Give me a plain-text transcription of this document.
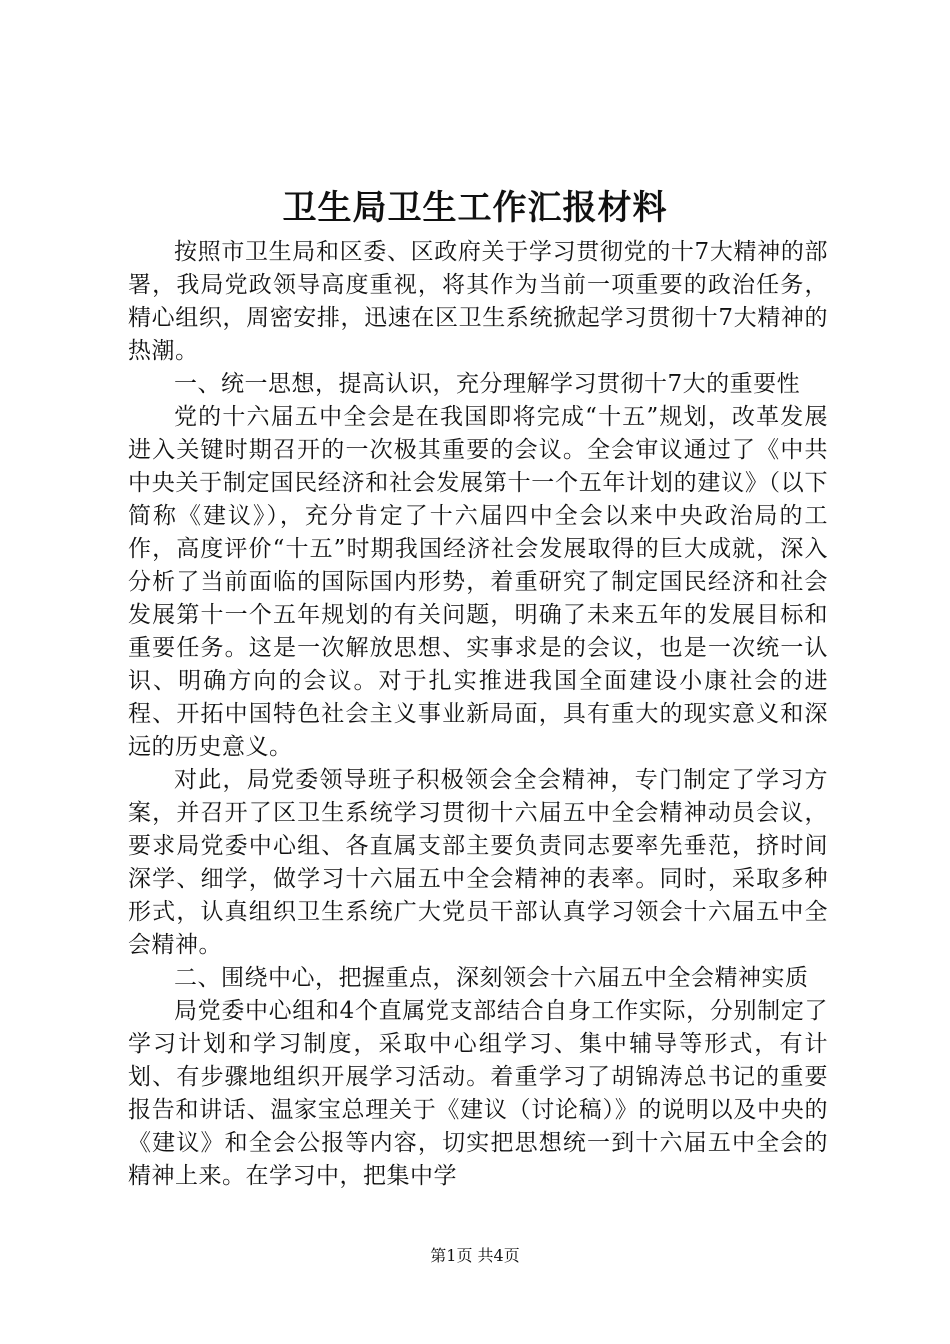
卫生局卫生工作汇报材料

按照市卫生局和区委、区政府关于学习贯彻党的十7大精神的部署，我局党政领导高度重视，将其作为当前一项重要的政治任务，精心组织，周密安排，迅速在区卫生系统掀起学习贯彻十7大精神的热潮。

一、统一思想，提高认识，充分理解学习贯彻十7大的重要性

党的十六届五中全会是在我国即将完成“十五”规划，改革发展进入关键时期召开的一次极其重要的会议。全会审议通过了《中共中央关于制定国民经济和社会发展第十一个五年计划的建议》（以下简称《建议》），充分肯定了十六届四中全会以来中央政治局的工作，高度评价“十五”时期我国经济社会发展取得的巨大成就，深入分析了当前面临的国际国内形势，着重研究了制定国民经济和社会发展第十一个五年规划的有关问题，明确了未来五年的发展目标和重要任务。这是一次解放思想、实事求是的会议，也是一次统一认识、明确方向的会议。对于扎实推进我国全面建设小康社会的进程、开拓中国特色社会主义事业新局面，具有重大的现实意义和深远的历史意义。

对此，局党委领导班子积极领会全会精神，专门制定了学习方案，并召开了区卫生系统学习贯彻十六届五中全会精神动员会议，要求局党委中心组、各直属支部主要负责同志要率先垂范，挤时间深学、细学，做学习十六届五中全会精神的表率。同时，采取多种形式，认真组织卫生系统广大党员干部认真学习领会十六届五中全会精神。

二、围绕中心，把握重点，深刻领会十六届五中全会精神实质

局党委中心组和4个直属党支部结合自身工作实际，分别制定了学习计划和学习制度，采取中心组学习、集中辅导等形式，有计划、有步骤地组织开展学习活动。着重学习了胡锦涛总书记的重要报告和讲话、温家宝总理关于《建议（讨论稿）》的说明以及中央的《建议》和全会公报等内容，切实把思想统一到十六届五中全会的精神上来。在学习中，把集中学

第1页 共4页
